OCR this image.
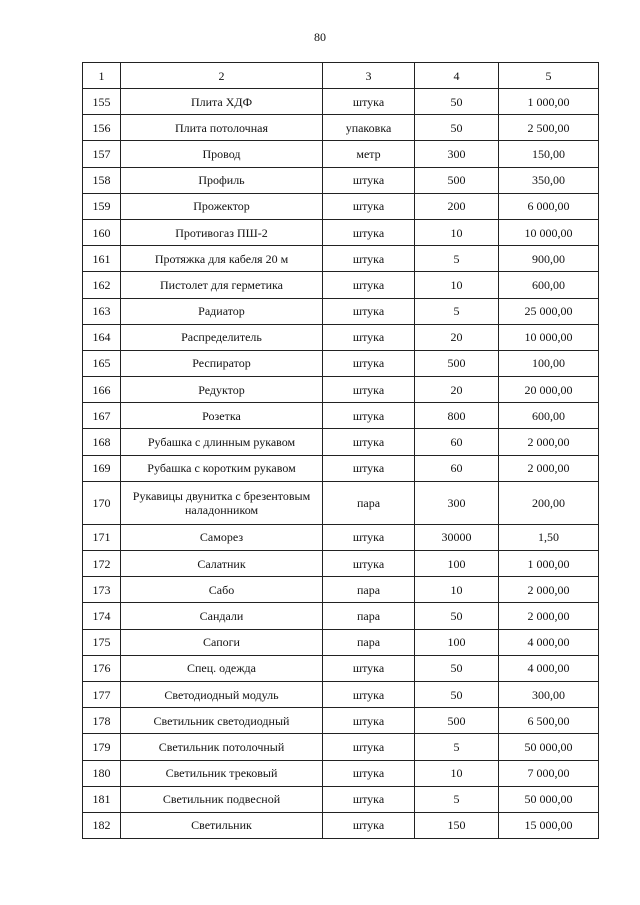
80
1	2	3	4	5
155	Плита ХДФ	штука	50	1 000,00
156	Плита потолочная	упаковка	50	2 500,00
157	Провод	метр	300	150,00
158	Профиль	штука	500	350,00
159	Прожектор	штука	200	6 000,00
160	Противогаз ПШ-2	штука	10	10 000,00
161	Протяжка для кабеля 20 м	штука	5	900,00
162	Пистолет для герметика	штука	10	600,00
163	Радиатор	штука	5	25 000,00
164	Распределитель	штука	20	10 000,00
165	Респиратор	штука	500	100,00
166	Редуктор	штука	20	20 000,00
167	Розетка	штука	800	600,00
168	Рубашка с длинным рукавом	штука	60	2 000,00
169	Рубашка с коротким рукавом	штука	60	2 000,00
170	Рукавицы двунитка с брезентовым наладонником	пара	300	200,00
171	Саморез	штука	30000	1,50
172	Салатник	штука	100	1 000,00
173	Сабо	пара	10	2 000,00
174	Сандали	пара	50	2 000,00
175	Сапоги	пара	100	4 000,00
176	Спец. одежда	штука	50	4 000,00
177	Светодиодный модуль	штука	50	300,00
178	Светильник светодиодный	штука	500	6 500,00
179	Светильник потолочный	штука	5	50 000,00
180	Светильник трековый	штука	10	7 000,00
181	Светильник подвесной	штука	5	50 000,00
182	Светильник	штука	150	15 000,00
